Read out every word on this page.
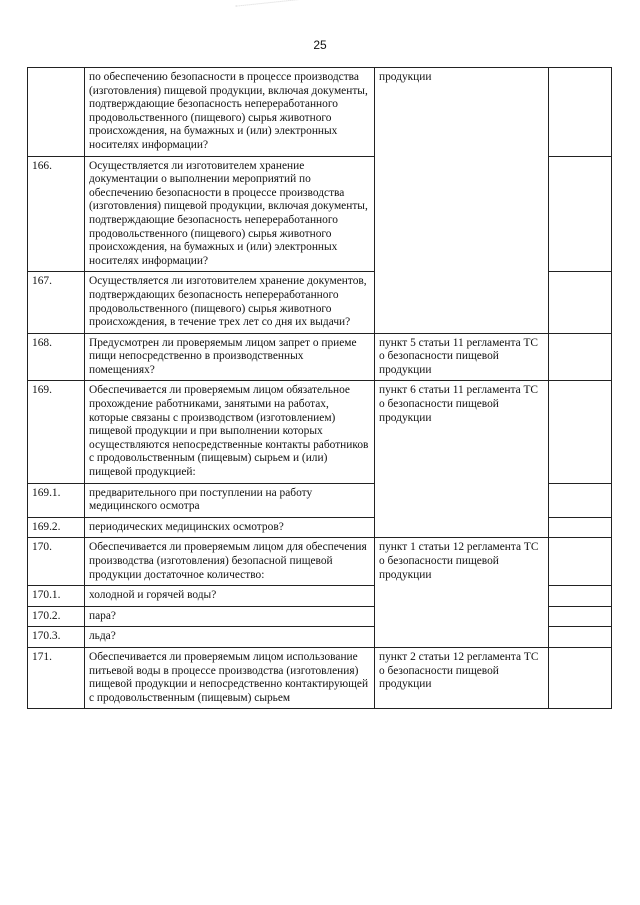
25
	по обеспечению безопасности в процессе производства (изготовления) пищевой продукции, включая документы, подтверждающие безопасность непереработанного продовольственного (пищевого) сырья животного происхождения, на бумажных и (или) электронных носителях информации?	продукции	
166.	Осуществляется ли изготовителем хранение документации о выполнении мероприятий по обеспечению безопасности в процессе производства (изготовления) пищевой продукции, включая документы, подтверждающие безопасность непереработанного продовольственного (пищевого) сырья животного происхождения, на бумажных и (или) электронных носителях информации?		
167.	Осуществляется ли изготовителем хранение документов, подтверждающих безопасность непереработанного продовольственного (пищевого) сырья животного происхождения, в течение трех лет со дня их выдачи?		
168.	Предусмотрен ли проверяемым лицом запрет о приеме пищи непосредственно в производственных помещениях?	пункт 5 статьи 11 регламента ТС о безопасности пищевой продукции	
169.	Обеспечивается ли проверяемым лицом обязательное прохождение работниками, занятыми на работах, которые связаны с производством (изготовлением) пищевой продукции и при выполнении которых осуществляются непосредственные контакты работников с продовольственным (пищевым) сырьем и (или) пищевой продукцией:	пункт 6 статьи 11 регламента ТС о безопасности пищевой продукции	
169.1.	предварительного при поступлении на работу медицинского осмотра		
169.2.	периодических медицинских осмотров?		
170.	Обеспечивается ли проверяемым лицом для обеспечения производства (изготовления) безопасной пищевой продукции достаточное количество:	пункт 1 статьи 12 регламента ТС о безопасности пищевой продукции	
170.1.	холодной и горячей воды?		
170.2.	пара?		
170.3.	льда?		
171.	Обеспечивается ли проверяемым лицом использование питьевой воды в процессе производства (изготовления) пищевой продукции и непосредственно контактирующей с продовольственным (пищевым) сырьем	пункт 2 статьи 12 регламента ТС о безопасности пищевой продукции	
